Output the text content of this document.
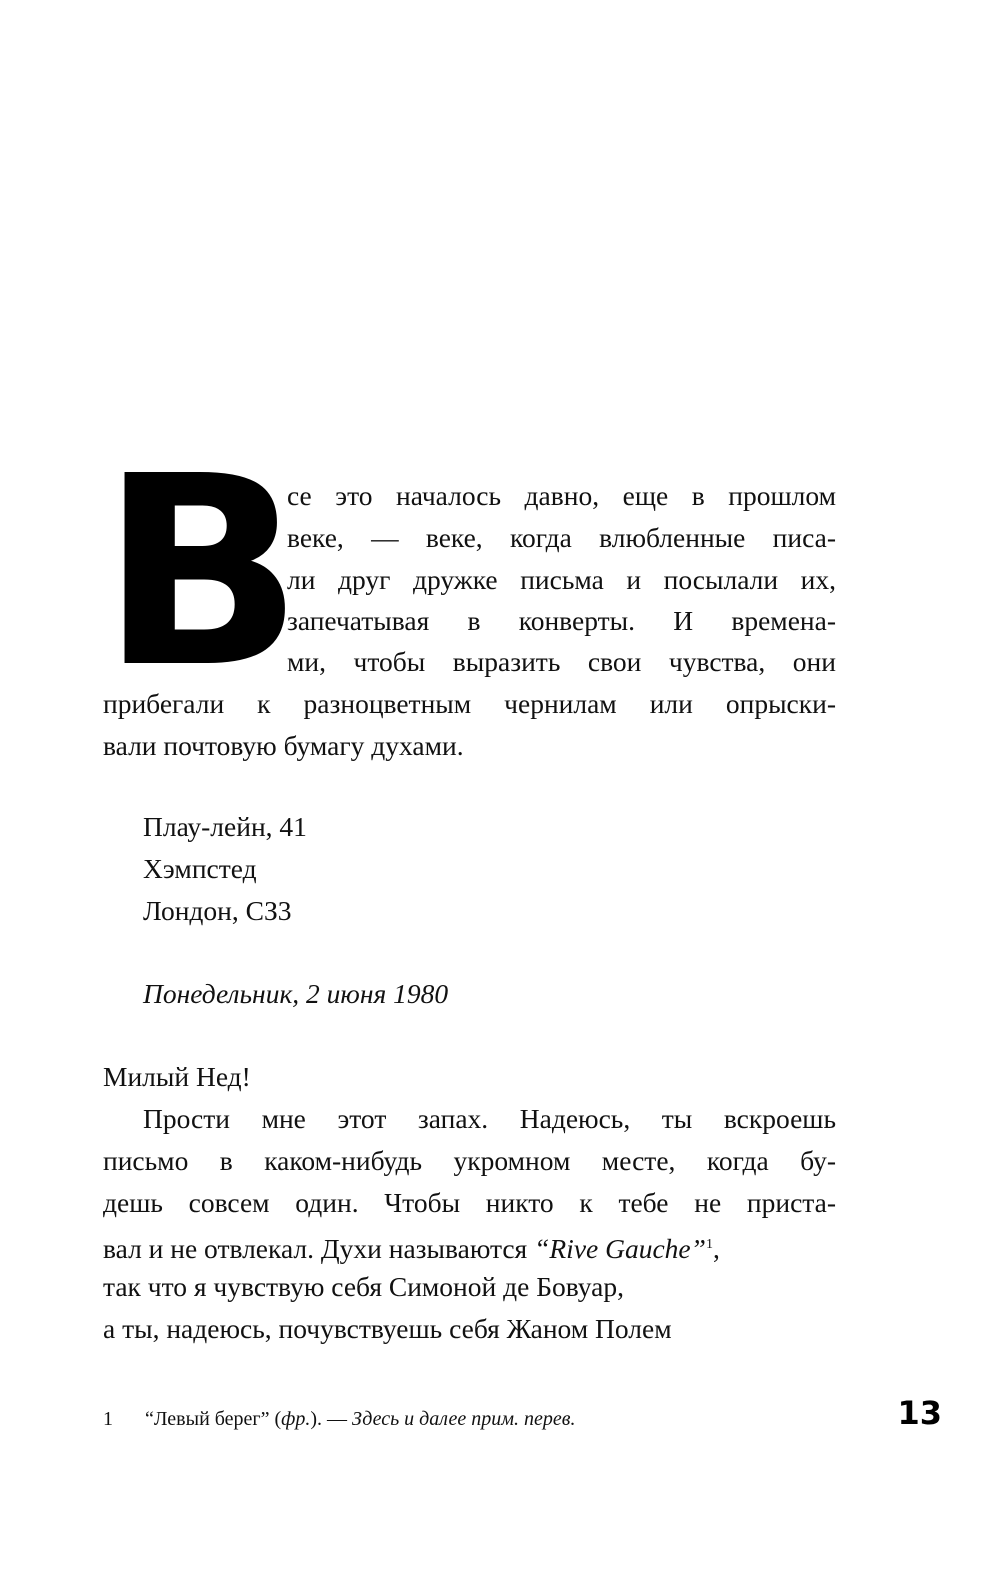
В
се это началось давно, еще в прошлом
веке, — веке, когда влюбленные писа-
ли друг дружке письма и посылали их,
запечатывая в конверты. И времена-
ми, чтобы выразить свои чувства, они
прибегали к разноцветным чернилам или опрыски-
вали почтовую бумагу духами.
Плау-лейн, 41
Хэмпстед
Лондон, СЗ3
Понедельник, 2 июня 1980
Милый Нед!
Прости мне этот запах. Надеюсь, ты вскроешь
письмо в каком-нибудь укромном месте, когда бу-
дешь совсем один. Чтобы никто к тебе не приста-
вал и не отвлекал. Духи называются “Rive Gauche”$^1$,
так что я чувствую себя Симоной де Бовуар,
а ты, надеюсь, почувствуешь себя Жаном Полем
1 “Левый берег” (фр.). — Здесь и далее прим. перев.	13
